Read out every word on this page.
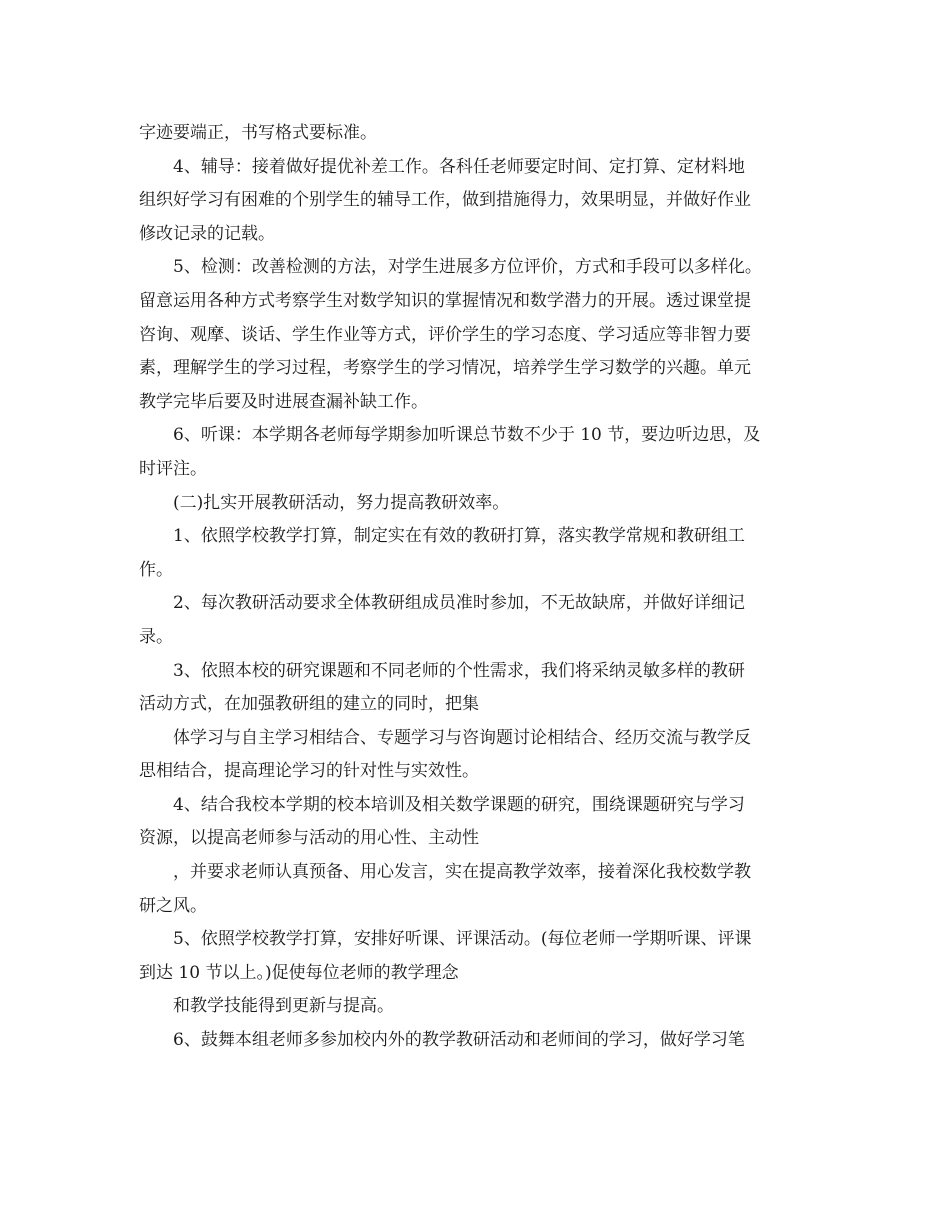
字迹要端正，书写格式要标准。
4、辅导：接着做好提优补差工作。各科任老师要定时间、定打算、定材料地
组织好学习有困难的个别学生的辅导工作，做到措施得力，效果明显，并做好作业
修改记录的记载。
5、检测：改善检测的方法，对学生进展多方位评价，方式和手段可以多样化。
留意运用各种方式考察学生对数学知识的掌握情况和数学潜力的开展。透过课堂提
咨询、观摩、谈话、学生作业等方式，评价学生的学习态度、学习适应等非智力要
素，理解学生的学习过程，考察学生的学习情况，培养学生学习数学的兴趣。单元
教学完毕后要及时进展查漏补缺工作。
6、听课：本学期各老师每学期参加听课总节数不少于 10 节，要边听边思，及
时评注。
(二)扎实开展教研活动，努力提高教研效率。
1、依照学校教学打算，制定实在有效的教研打算，落实教学常规和教研组工
作。
2、每次教研活动要求全体教研组成员准时参加，不无故缺席，并做好详细记
录。
3、依照本校的研究课题和不同老师的个性需求，我们将采纳灵敏多样的教研
活动方式，在加强教研组的建立的同时，把集
体学习与自主学习相结合、专题学习与咨询题讨论相结合、经历交流与教学反
思相结合，提高理论学习的针对性与实效性。
4、结合我校本学期的校本培训及相关数学课题的研究，围绕课题研究与学习
资源，以提高老师参与活动的用心性、主动性
，并要求老师认真预备、用心发言，实在提高教学效率，接着深化我校数学教
研之风。
5、依照学校教学打算，安排好听课、评课活动。(每位老师一学期听课、评课
到达 10 节以上。)促使每位老师的教学理念
和教学技能得到更新与提高。
6、鼓舞本组老师多参加校内外的教学教研活动和老师间的学习，做好学习笔
